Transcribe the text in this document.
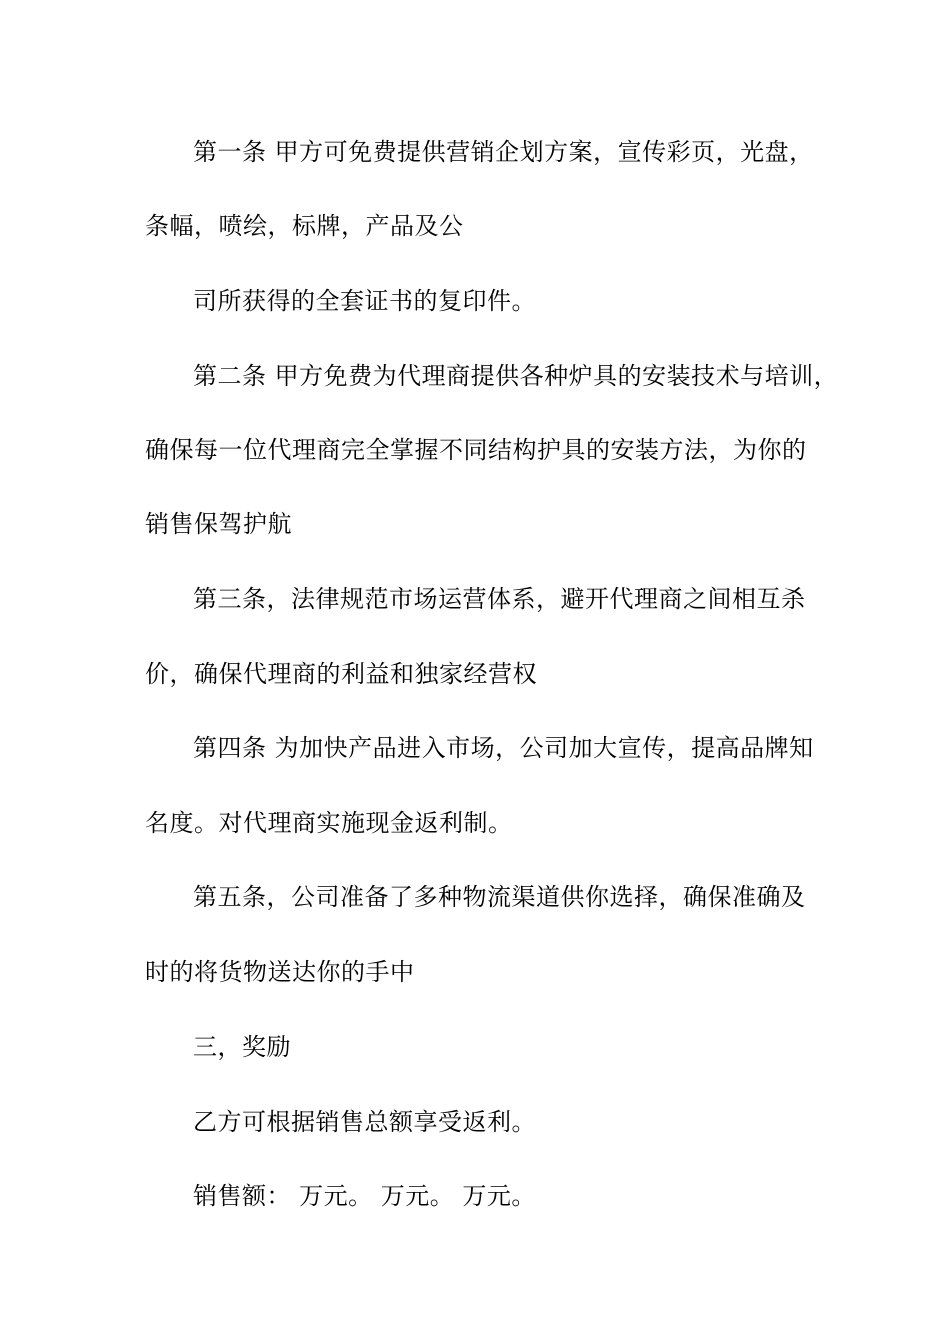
第一条 甲方可免费提供营销企划方案，宣传彩页，光盘，
条幅，喷绘，标牌，产品及公
司所获得的全套证书的复印件。
第二条 甲方免费为代理商提供各种炉具的安装技术与培训，
确保每一位代理商完全掌握不同结构护具的安装方法，为你的
销售保驾护航
第三条，法律规范市场运营体系，避开代理商之间相互杀
价，确保代理商的利益和独家经营权
第四条 为加快产品进入市场，公司加大宣传，提高品牌知
名度。对代理商实施现金返利制。
第五条，公司准备了多种物流渠道供你选择，确保准确及
时的将货物送达你的手中
三，奖励
乙方可根据销售总额享受返利。
销售额： 万元。 万元。 万元。
